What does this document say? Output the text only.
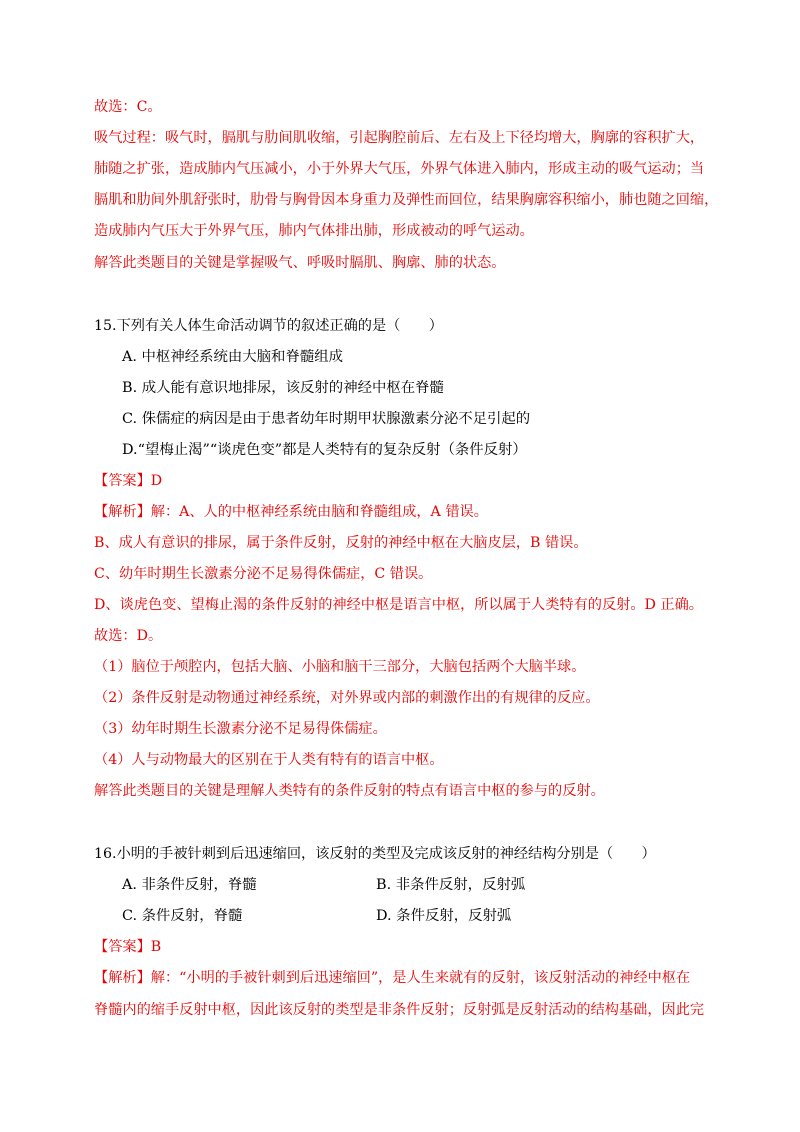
故选：C。
吸气过程：吸气时，膈肌与肋间肌收缩，引起胸腔前后、左右及上下径均增大，胸廓的容积扩大，
肺随之扩张，造成肺内气压减小，小于外界大气压，外界气体进入肺内，形成主动的吸气运动；当
膈肌和肋间外肌舒张时，肋骨与胸骨因本身重力及弹性而回位，结果胸廓容积缩小，肺也随之回缩，
造成肺内气压大于外界气压，肺内气体排出肺，形成被动的呼气运动。
解答此类题目的关键是掌握吸气、呼吸时膈肌、胸廓、肺的状态。
15.下列有关人体生命活动调节的叙述正确的是（　　）
A. 中枢神经系统由大脑和脊髓组成
B. 成人能有意识地排尿，该反射的神经中枢在脊髓
C. 侏儒症的病因是由于患者幼年时期甲状腺激素分泌不足引起的
D.“望梅止渴”“谈虎色变”都是人类特有的复杂反射（条件反射）
【答案】D
【解析】解：A、人的中枢神经系统由脑和脊髓组成，A 错误。
B、成人有意识的排尿，属于条件反射，反射的神经中枢在大脑皮层，B 错误。
C、幼年时期生长激素分泌不足易得侏儒症，C 错误。
D、谈虎色变、望梅止渴的条件反射的神经中枢是语言中枢，所以属于人类特有的反射。D 正确。
故选：D。
（1）脑位于颅腔内，包括大脑、小脑和脑干三部分，大脑包括两个大脑半球。
（2）条件反射是动物通过神经系统，对外界或内部的刺激作出的有规律的反应。
（3）幼年时期生长激素分泌不足易得侏儒症。
（4）人与动物最大的区别在于人类有特有的语言中枢。
解答此类题目的关键是理解人类特有的条件反射的特点有语言中枢的参与的反射。
16.小明的手被针刺到后迅速缩回，该反射的类型及完成该反射的神经结构分别是（　　）
A. 非条件反射，脊髓	B. 非条件反射，反射弧
C. 条件反射，脊髓	D. 条件反射，反射弧
【答案】B
【解析】解：“小明的手被针刺到后迅速缩回”，是人生来就有的反射，该反射活动的神经中枢在
脊髓内的缩手反射中枢，因此该反射的类型是非条件反射；反射弧是反射活动的结构基础，因此完
